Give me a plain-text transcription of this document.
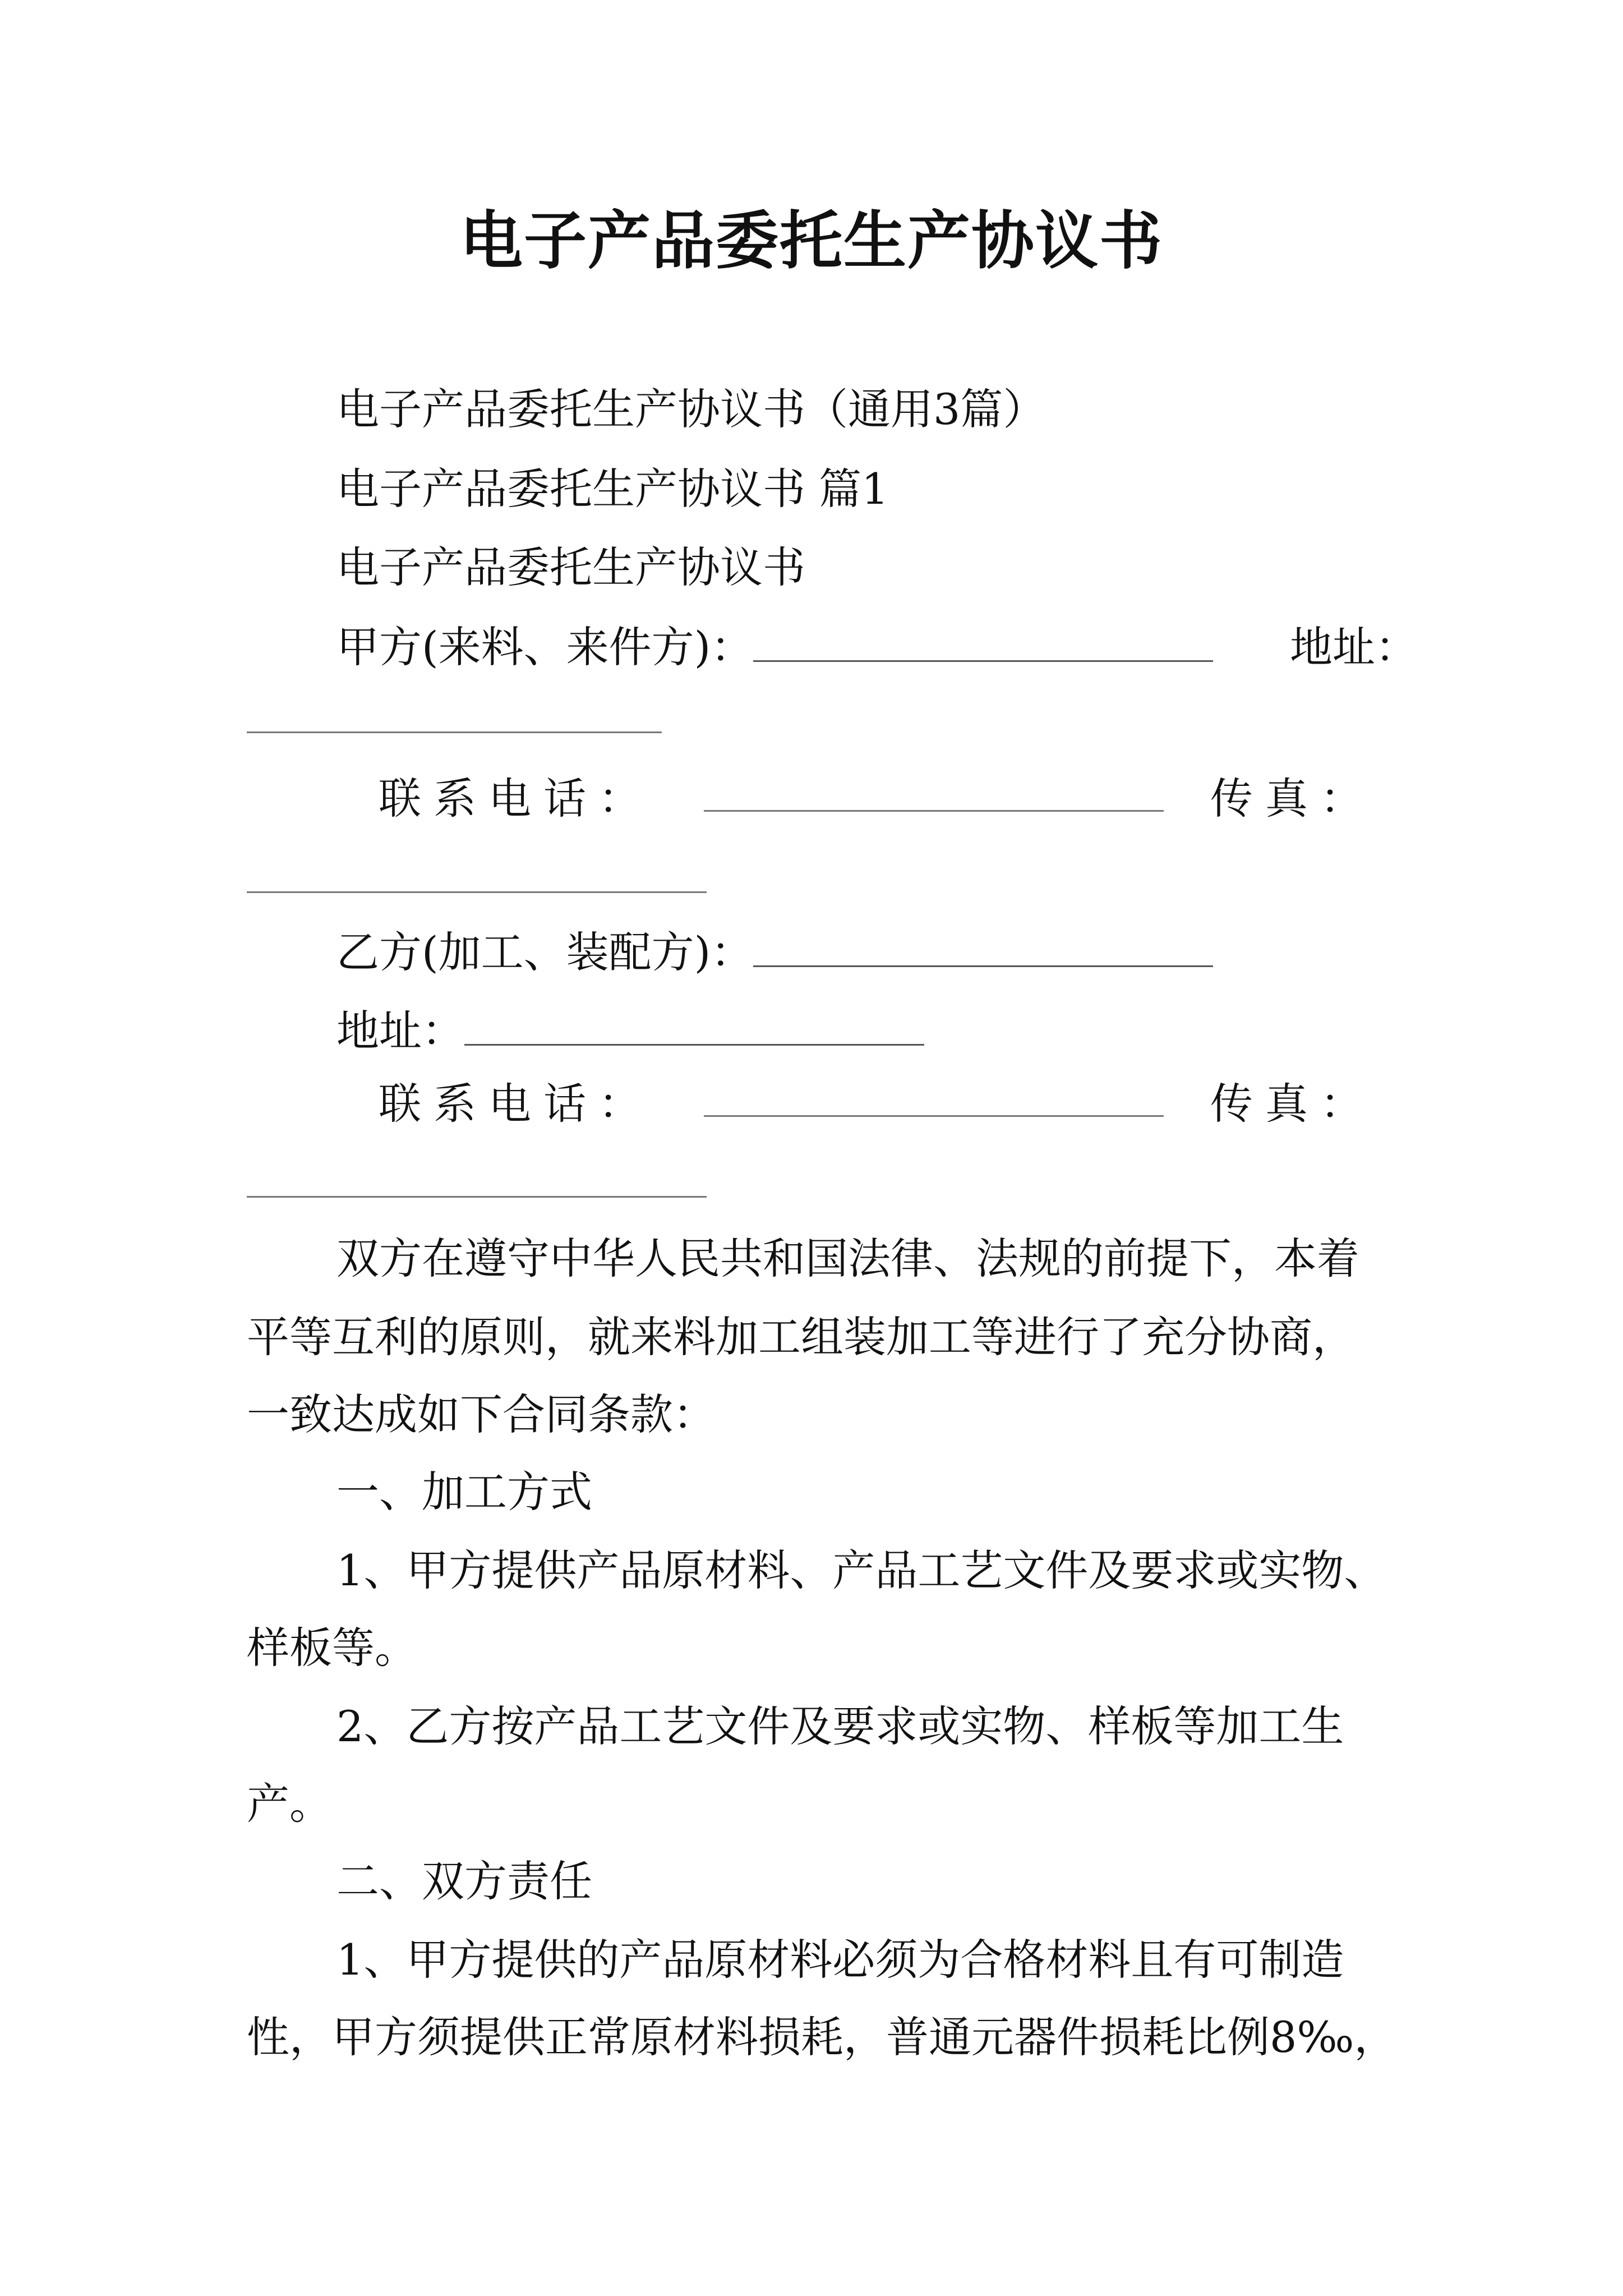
电子产品委托生产协议书
电子产品委托生产协议书（通用3篇）
电子产品委托生产协议书 篇1
电子产品委托生产协议书
甲方(来料、来件方)：	地址：
联系电话：	传真：
乙方(加工、装配方)：
地址：
联系电话：	传真：
双方在遵守中华人民共和国法律、法规的前提下，本着
平等互利的原则，就来料加工组装加工等进行了充分协商，
一致达成如下合同条款：
一、加工方式
1、甲方提供产品原材料、产品工艺文件及要求或实物、
样板等。
2、乙方按产品工艺文件及要求或实物、样板等加工生
产。
二、双方责任
1、甲方提供的产品原材料必须为合格材料且有可制造
性，甲方须提供正常原材料损耗，普通元器件损耗比例8‰，
